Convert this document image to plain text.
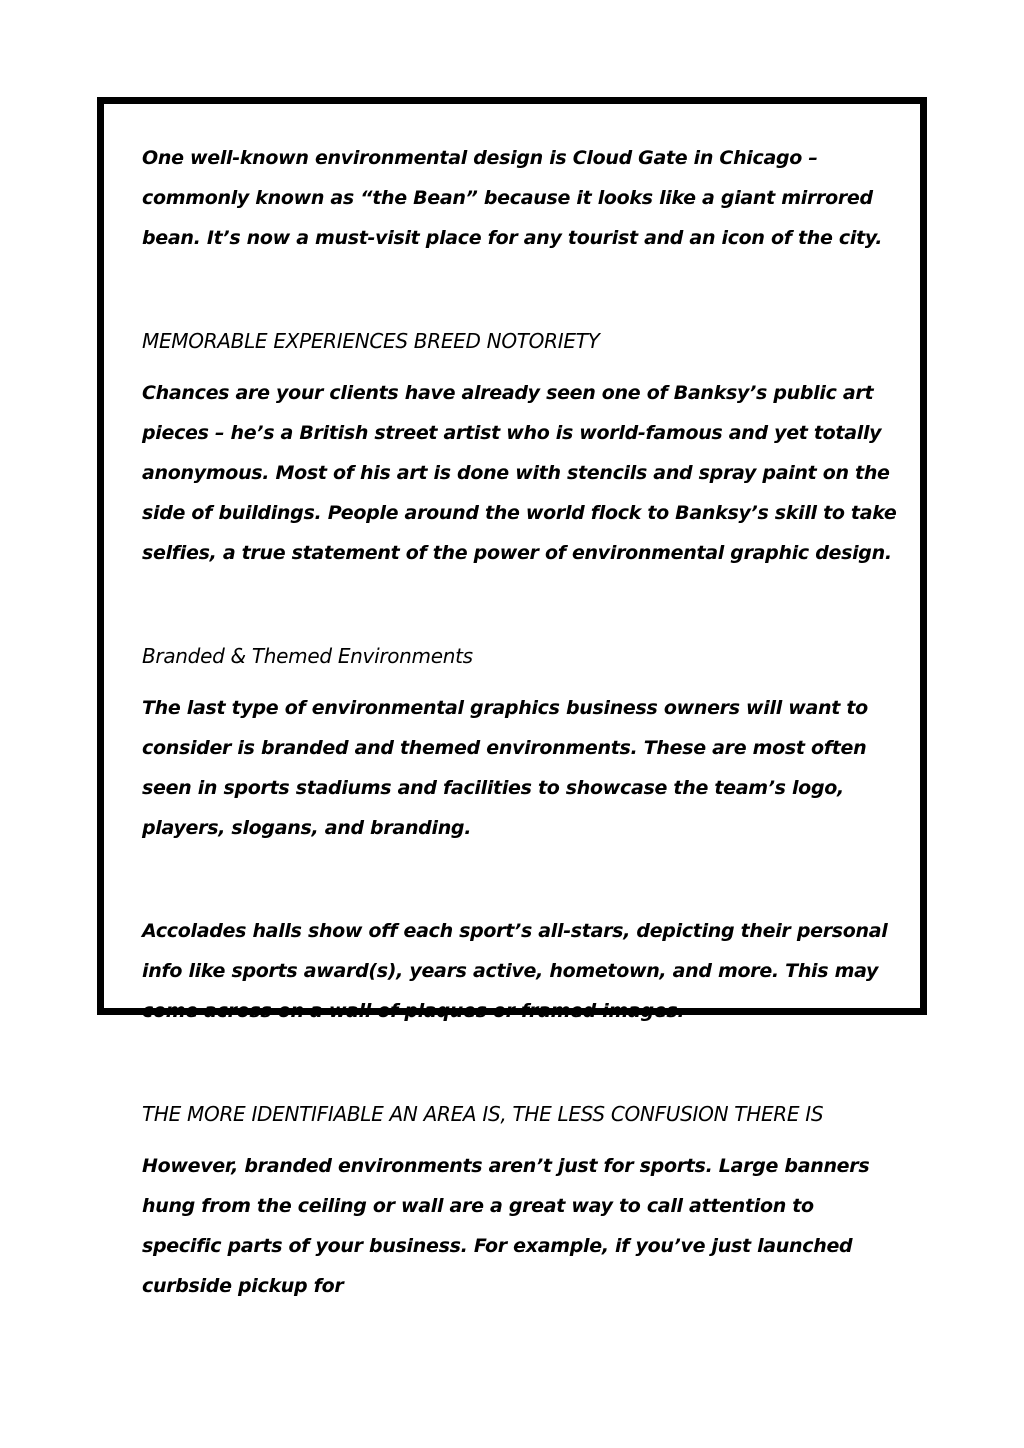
One well-known environmental design is Cloud Gate in Chicago – commonly known as “the Bean” because it looks like a giant mirrored bean. It’s now a must-visit place for any tourist and an icon of the city.

MEMORABLE EXPERIENCES BREED NOTORIETY

Chances are your clients have already seen one of Banksy’s public art pieces – he’s a British street artist who is world-famous and yet totally anonymous. Most of his art is done with stencils and spray paint on the side of buildings. People around the world flock to Banksy’s skill to take selfies, a true statement of the power of environmental graphic design.

Branded & Themed Environments

The last type of environmental graphics business owners will want to consider is branded and themed environments. These are most often seen in sports stadiums and facilities to showcase the team’s logo, players, slogans, and branding.

Accolades halls show off each sport’s all-stars, depicting their personal info like sports award(s), years active, hometown, and more. This may come across on a wall of plaques or framed images.

THE MORE IDENTIFIABLE AN AREA IS, THE LESS CONFUSION THERE IS

However, branded environments aren’t just for sports. Large banners hung from the ceiling or wall are a great way to call attention to specific parts of your business. For example, if you’ve just launched curbside pickup for
